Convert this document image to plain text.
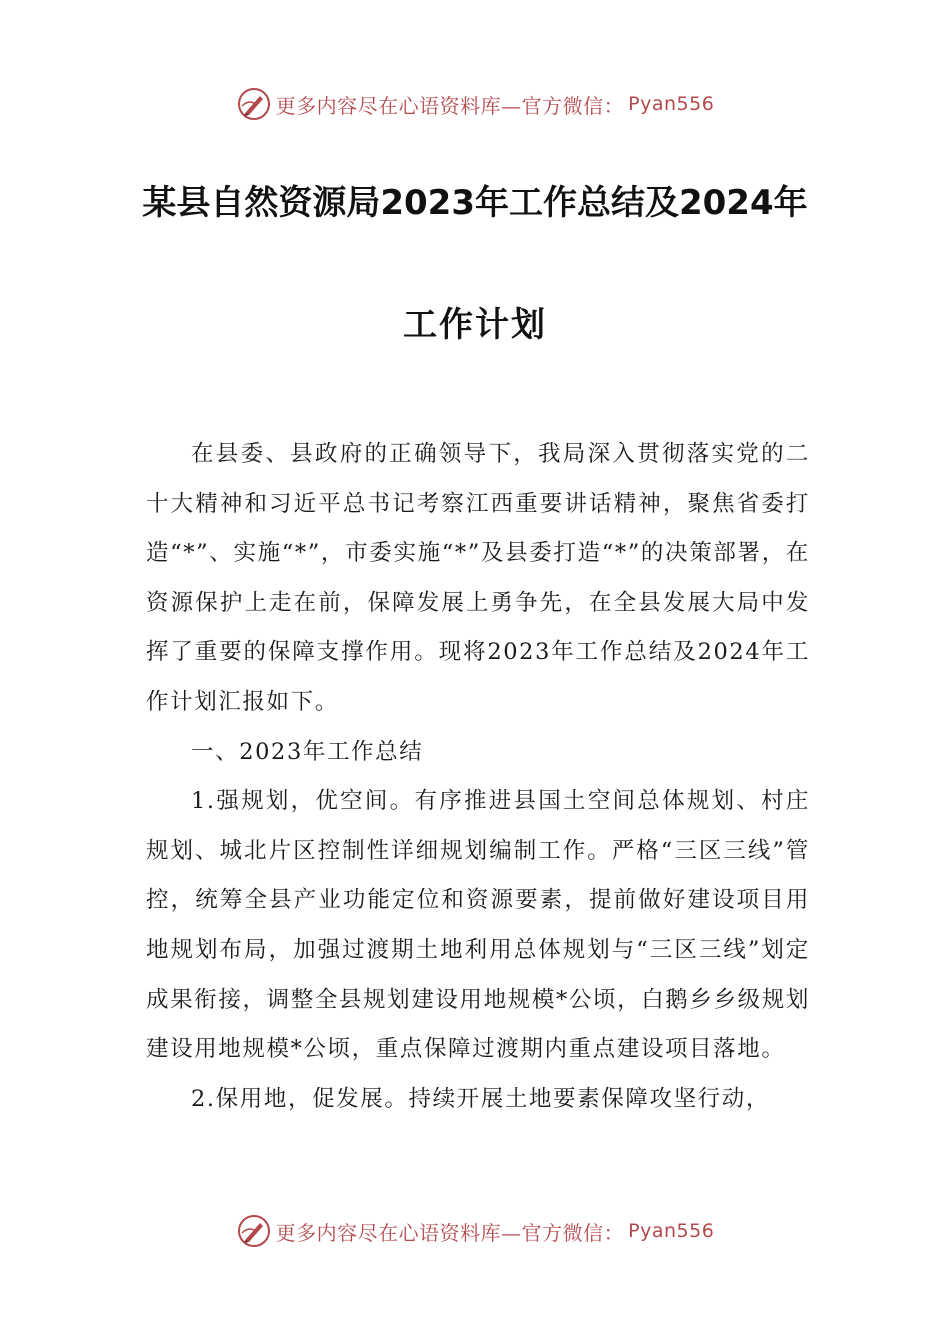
更多内容尽在心语资料库—官方微信： Pyan556
某县自然资源局2023年工作总结及2024年
工作计划

在县委、县政府的正确领导下，我局深入贯彻落实党的二十大精神和习近平总书记考察江西重要讲话精神，聚焦省委打造“*”、实施“*”，市委实施“*”及县委打造“*”的决策部署，在资源保护上走在前，保障发展上勇争先，在全县发展大局中发挥了重要的保障支撑作用。现将2023年工作总结及2024年工作计划汇报如下。

一、2023年工作总结

1.强规划，优空间。有序推进县国土空间总体规划、村庄规划、城北片区控制性详细规划编制工作。严格“三区三线”管控，统筹全县产业功能定位和资源要素，提前做好建设项目用地规划布局，加强过渡期土地利用总体规划与“三区三线”划定成果衔接，调整全县规划建设用地规模*公顷，白鹅乡乡级规划建设用地规模*公顷，重点保障过渡期内重点建设项目落地。

2.保用地，促发展。持续开展土地要素保障攻坚行动，

更多内容尽在心语资料库—官方微信： Pyan556
